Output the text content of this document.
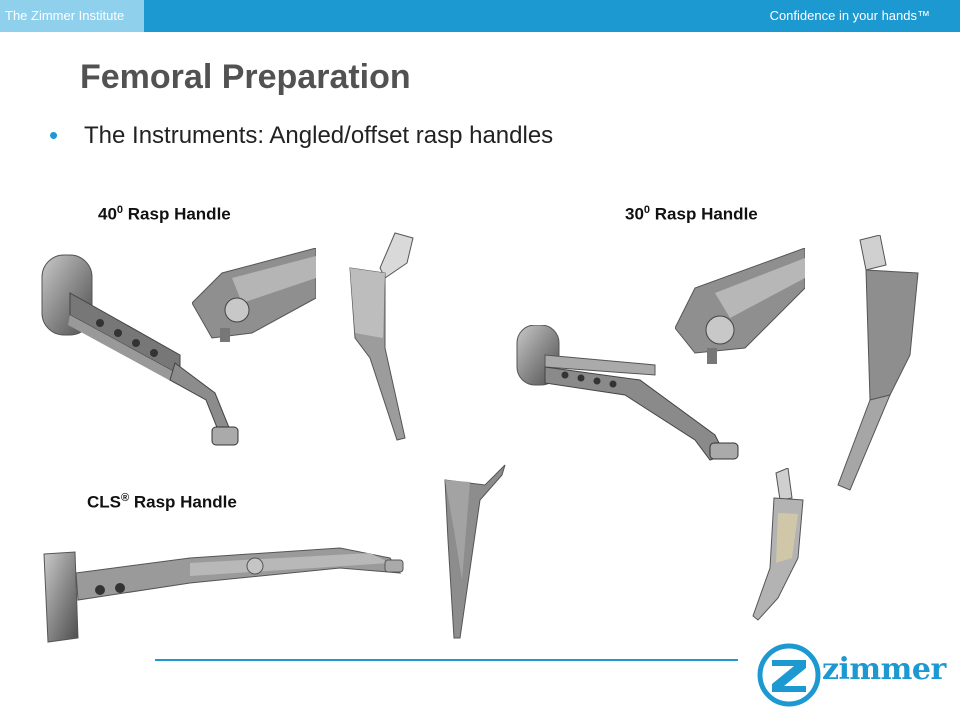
The Zimmer Institute	Confidence in your hands™
Femoral Preparation
• The Instruments: Angled/offset rasp handles
$40^0$ Rasp Handle	$30^0$ Rasp Handle
CLS® Rasp Handle
zimmer
